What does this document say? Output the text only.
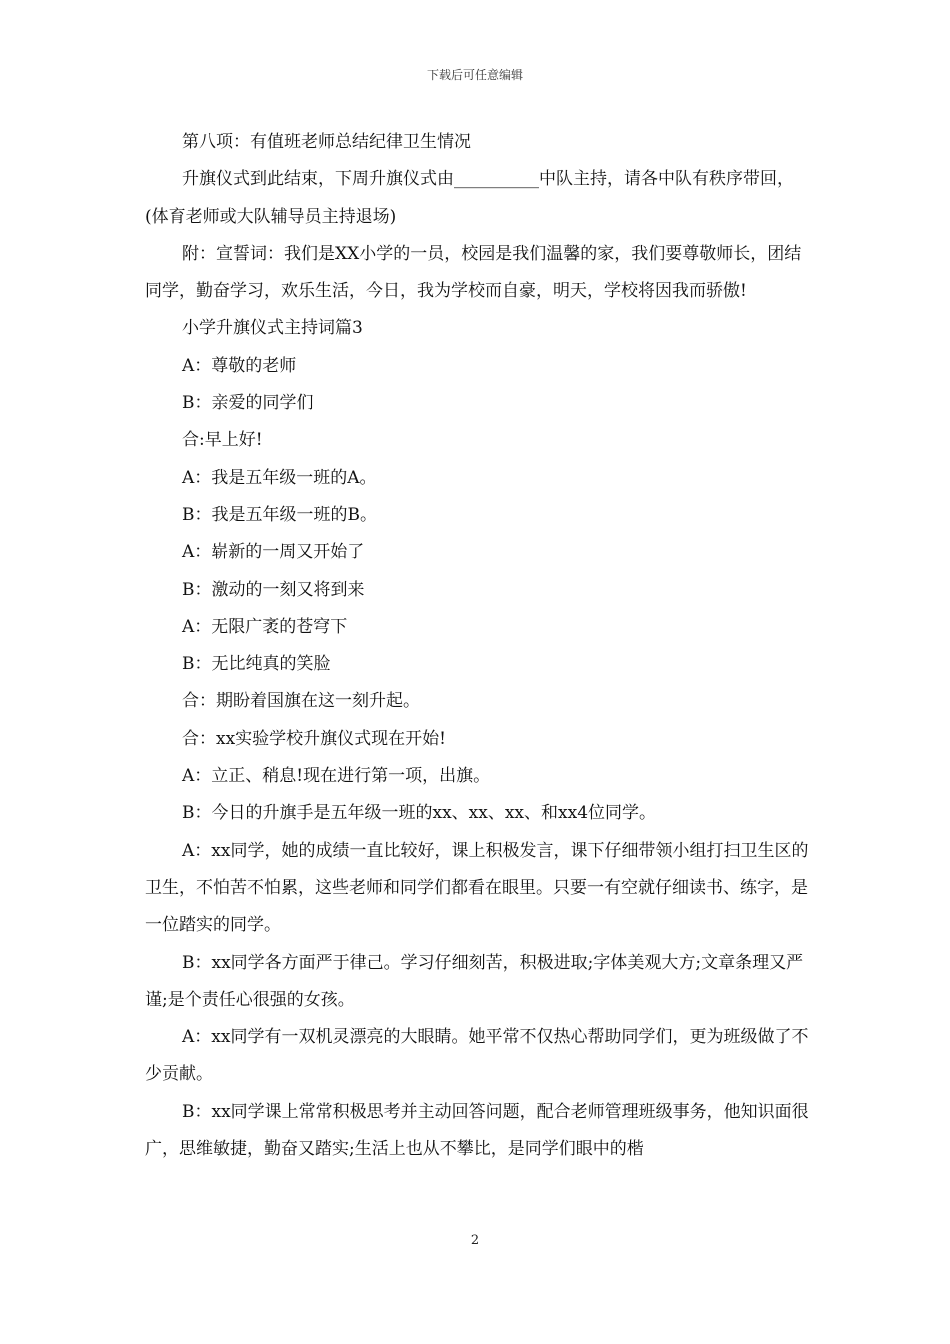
下载后可任意编辑

第八项：有值班老师总结纪律卫生情况

升旗仪式到此结束，下周升旗仪式由__________中队主持，请各中队有秩序带回，(体育老师或大队辅导员主持退场)

附：宣誓词：我们是XX小学的一员，校园是我们温馨的家，我们要尊敬师长，团结同学，勤奋学习，欢乐生活，今日，我为学校而自豪，明天，学校将因我而骄傲!

小学升旗仪式主持词篇3

A：尊敬的老师

B：亲爱的同学们

合:早上好!

A：我是五年级一班的A。

B：我是五年级一班的B。

A：崭新的一周又开始了

B：激动的一刻又将到来

A：无限广袤的苍穹下

B：无比纯真的笑脸

合：期盼着国旗在这一刻升起。

合：xx实验学校升旗仪式现在开始!

A：立正、稍息!现在进行第一项，出旗。

B：今日的升旗手是五年级一班的xx、xx、xx、和xx4位同学。

A：xx同学，她的成绩一直比较好，课上积极发言，课下仔细带领小组打扫卫生区的卫生，不怕苦不怕累，这些老师和同学们都看在眼里。只要一有空就仔细读书、练字，是一位踏实的同学。

B：xx同学各方面严于律己。学习仔细刻苦，积极进取;字体美观大方;文章条理又严谨;是个责任心很强的女孩。

A：xx同学有一双机灵漂亮的大眼睛。她平常不仅热心帮助同学们，更为班级做了不少贡献。

B：xx同学课上常常积极思考并主动回答问题，配合老师管理班级事务，他知识面很广，思维敏捷，勤奋又踏实;生活上也从不攀比，是同学们眼中的楷

2
